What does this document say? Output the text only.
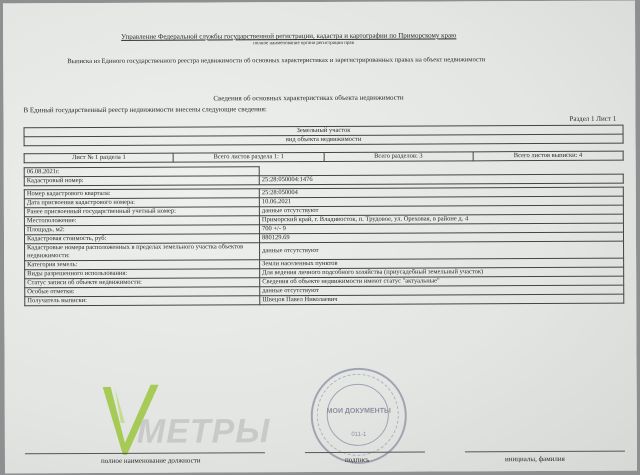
Управление Федеральной службы государственной регистрации, кадастра и картографии по Приморскому краю
полное наименование органа регистрации прав
Выписка из Единого государственного реестра недвижимости об основных характеристиках и зарегистрированных правах на объект недвижимости
Сведения об основных характеристиках объекта недвижимости
В Единый государственный реестр недвижимости внесены следующие сведения:
Раздел 1 Лист 1
Земельный участок
вид объекта недвижимости
Лист № 1 раздела 1	Всего листов раздела 1: 1	Всего разделов: 3	Всего листов выписки: 4
06.08.2021г.
Кадастровый номер:	25:28:050004:1476
Номер кадастрового квартала:	25:28:050004
Дата присвоения кадастрового номера:	10.06.2021
Ранее присвоенный государственный учетный номер:	данные отсутствуют
Местоположение:	Приморский край, г. Владивосток, п. Трудовое, ул. Ореховая, в районе д. 4
Площадь, м2:	700 +/- 9
Кадастровая стоимость, руб:	880129.69
Кадастровые номера расположенных в пределах земельного участка объектов недвижимости:	данные отсутствуют
Категория земель:	Земли населенных пунктов
Виды разрешенного использования:	Для ведения личного подсобного хозяйства (приусадебный земельный участок)
Статус записи об объекте недвижимости:	Сведения об объекте недвижимости имеют статус "актуальные"
Особые отметки:	данные отсутствуют
Получатель выписки:	Швецов Павел Николаевич
МЕТРЫ
МОИ ДОКУМЕНТЫ
011-1
полное наименование должности	подпись	инициалы, фамилия
